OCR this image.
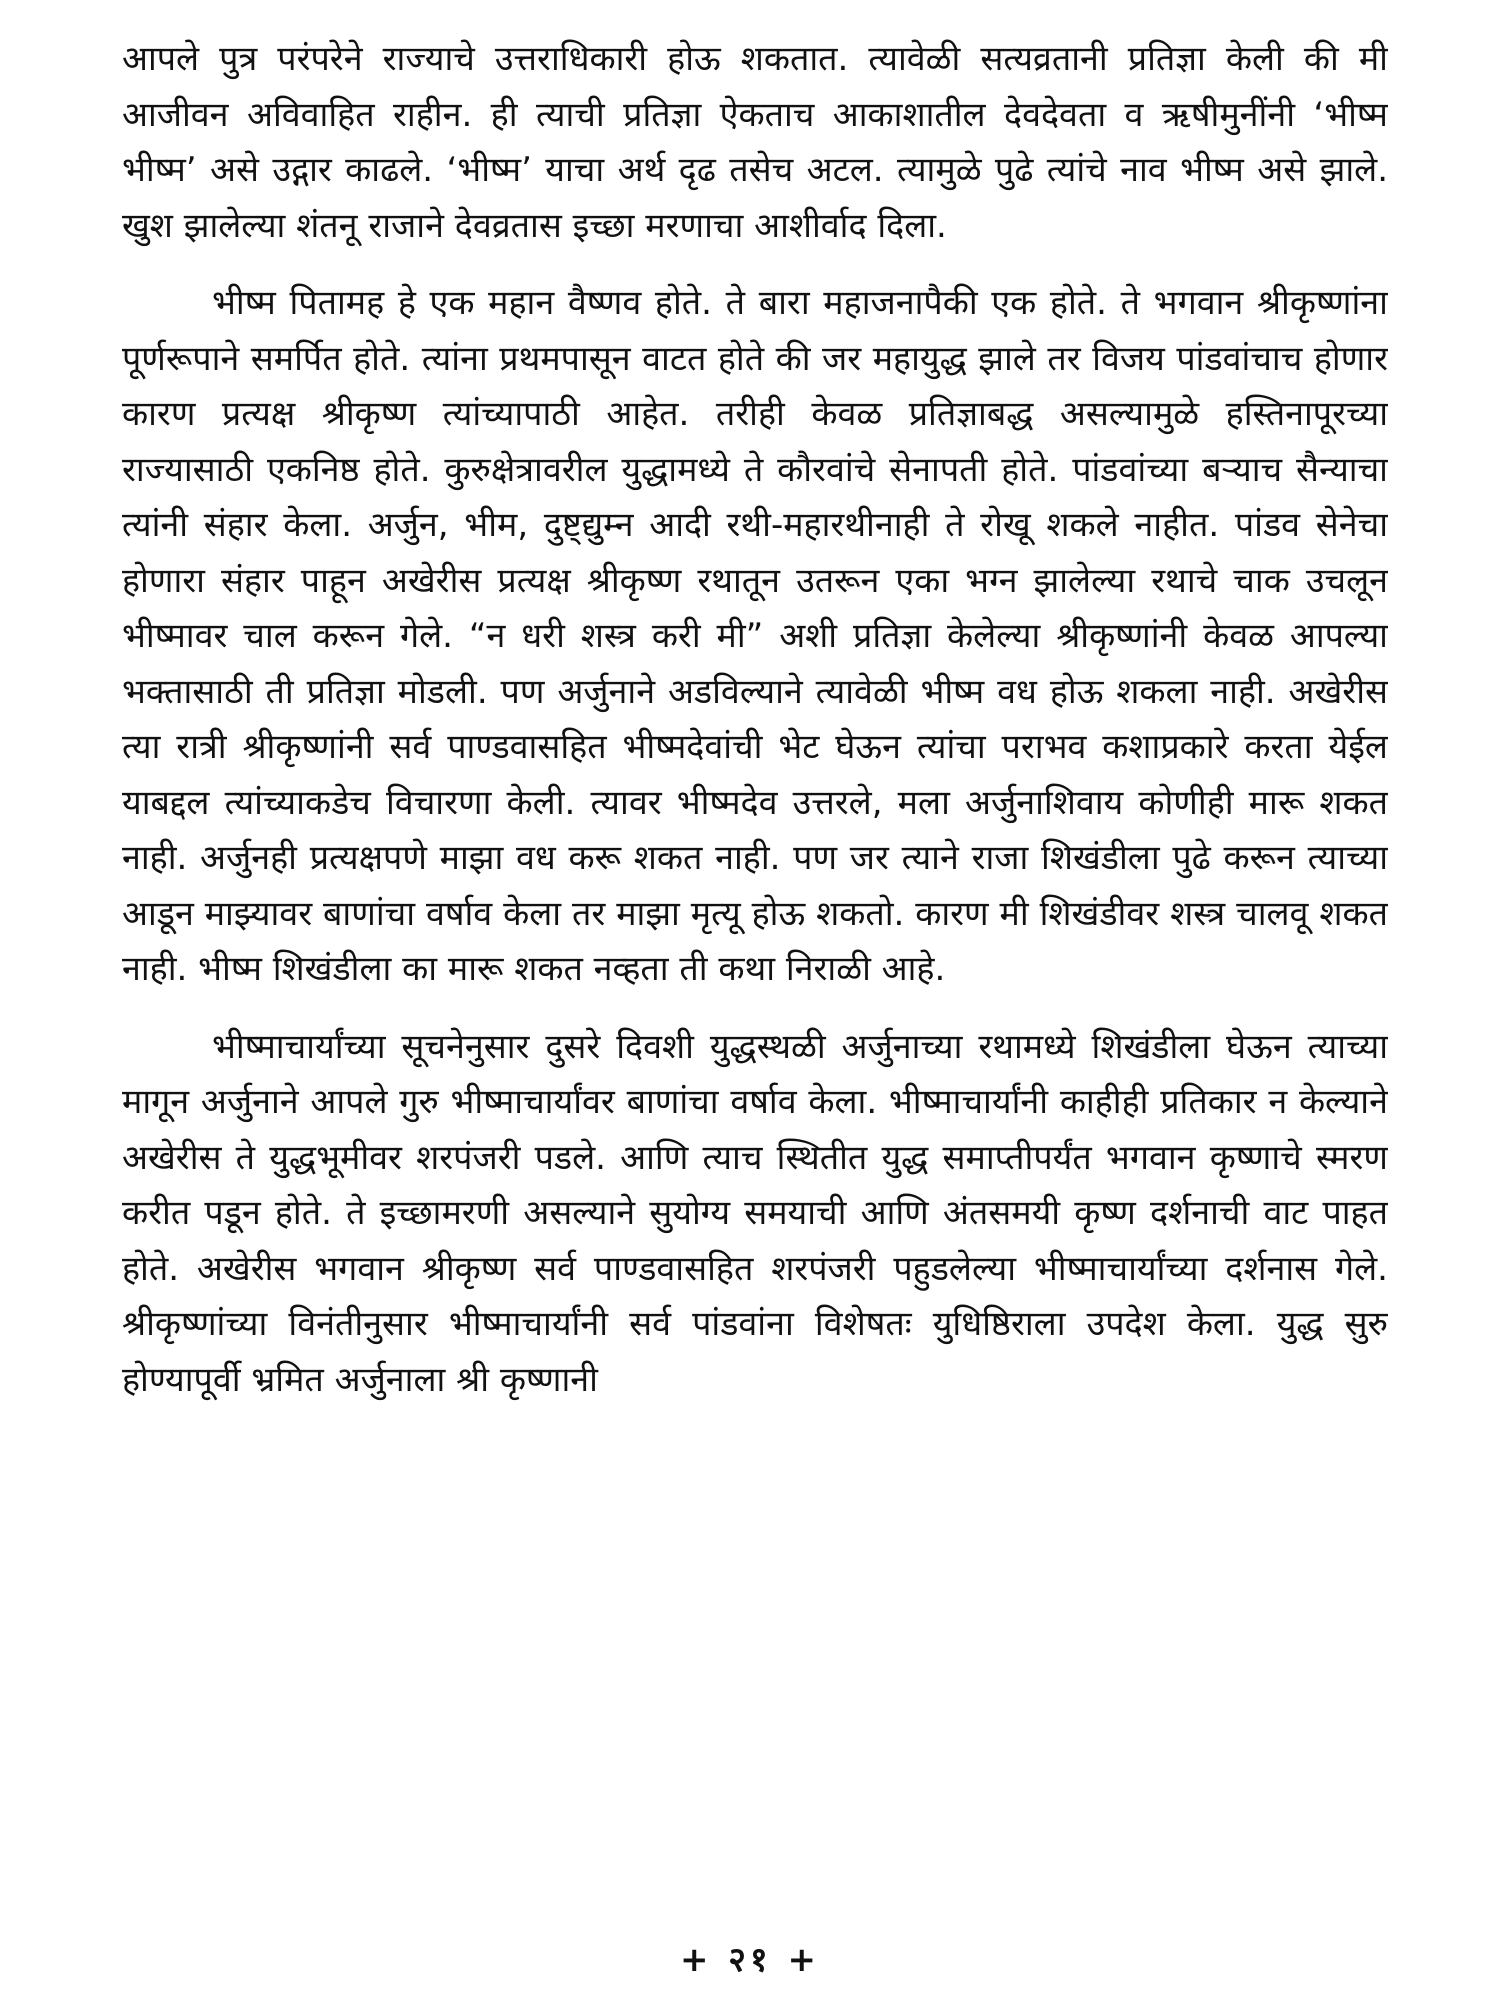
आपले पुत्र परंपरेने राज्याचे उत्तराधिकारी होऊ शकतात. त्यावेळी सत्यव्रतानी प्रतिज्ञा केली की मी आजीवन अविवाहित राहीन. ही त्याची प्रतिज्ञा ऐकताच आकाशातील देवदेवता व ऋषीमुनींनी ‘भीष्म भीष्म’ असे उद्गार काढले. ‘भीष्म’ याचा अर्थ दृढ तसेच अटल. त्यामुळे पुढे त्यांचे नाव भीष्म असे झाले. खुश झालेल्या शंतनू राजाने देवव्रतास इच्छा मरणाचा आशीर्वाद दिला.

भीष्म पितामह हे एक महान वैष्णव होते. ते बारा महाजनापैकी एक होते. ते भगवान श्रीकृष्णांना पूर्णरूपाने समर्पित होते. त्यांना प्रथमपासून वाटत होते की जर महायुद्ध झाले तर विजय पांडवांचाच होणार कारण प्रत्यक्ष श्रीकृष्ण त्यांच्यापाठी आहेत. तरीही केवळ प्रतिज्ञाबद्ध असल्यामुळे हस्तिनापूरच्या राज्यासाठी एकनिष्ठ होते. कुरुक्षेत्रावरील युद्धामध्ये ते कौरवांचे सेनापती होते. पांडवांच्या बऱ्याच सैन्याचा त्यांनी संहार केला. अर्जुन, भीम, दुष्ट्द्युम्न आदी रथी-महारथीनाही ते रोखू शकले नाहीत. पांडव सेनेचा होणारा संहार पाहून अखेरीस प्रत्यक्ष श्रीकृष्ण रथातून उतरून एका भग्न झालेल्या रथाचे चाक उचलून भीष्मावर चाल करून गेले. “न धरी शस्त्र करी मी” अशी प्रतिज्ञा केलेल्या श्रीकृष्णांनी केवळ आपल्या भक्तासाठी ती प्रतिज्ञा मोडली. पण अर्जुनाने अडविल्याने त्यावेळी भीष्म वध होऊ शकला नाही. अखेरीस त्या रात्री श्रीकृष्णांनी सर्व पाण्डवासहित भीष्मदेवांची भेट घेऊन त्यांचा पराभव कशाप्रकारे करता येईल याबद्दल त्यांच्याकडेच विचारणा केली. त्यावर भीष्मदेव उत्तरले, मला अर्जुनाशिवाय कोणीही मारू शकत नाही. अर्जुनही प्रत्यक्षपणे माझा वध करू शकत नाही. पण जर त्याने राजा शिखंडीला पुढे करून त्याच्या आडून माझ्यावर बाणांचा वर्षाव केला तर माझा मृत्यू होऊ शकतो. कारण मी शिखंडीवर शस्त्र चालवू शकत नाही. भीष्म शिखंडीला का मारू शकत नव्हता ती कथा निराळी आहे.

भीष्माचार्यांच्या सूचनेनुसार दुसरे दिवशी युद्धस्थळी अर्जुनाच्या रथामध्ये शिखंडीला घेऊन त्याच्या मागून अर्जुनाने आपले गुरु भीष्माचार्यांवर बाणांचा वर्षाव केला. भीष्माचार्यांनी काहीही प्रतिकार न केल्याने अखेरीस ते युद्धभूमीवर शरपंजरी पडले. आणि त्याच स्थितीत युद्ध समाप्तीपर्यंत भगवान कृष्णाचे स्मरण करीत पडून होते. ते इच्छामरणी असल्याने सुयोग्य समयाची आणि अंतसमयी कृष्ण दर्शनाची वाट पाहत होते. अखेरीस भगवान श्रीकृष्ण सर्व पाण्डवासहित शरपंजरी पहुडलेल्या भीष्माचार्यांच्या दर्शनास गेले. श्रीकृष्णांच्या विनंतीनुसार भीष्माचार्यांनी सर्व पांडवांना विशेषतः युधिष्ठिराला उपदेश केला. युद्ध सुरु होण्यापूर्वी भ्रमित अर्जुनाला श्री कृष्णानी

+ २१ +
